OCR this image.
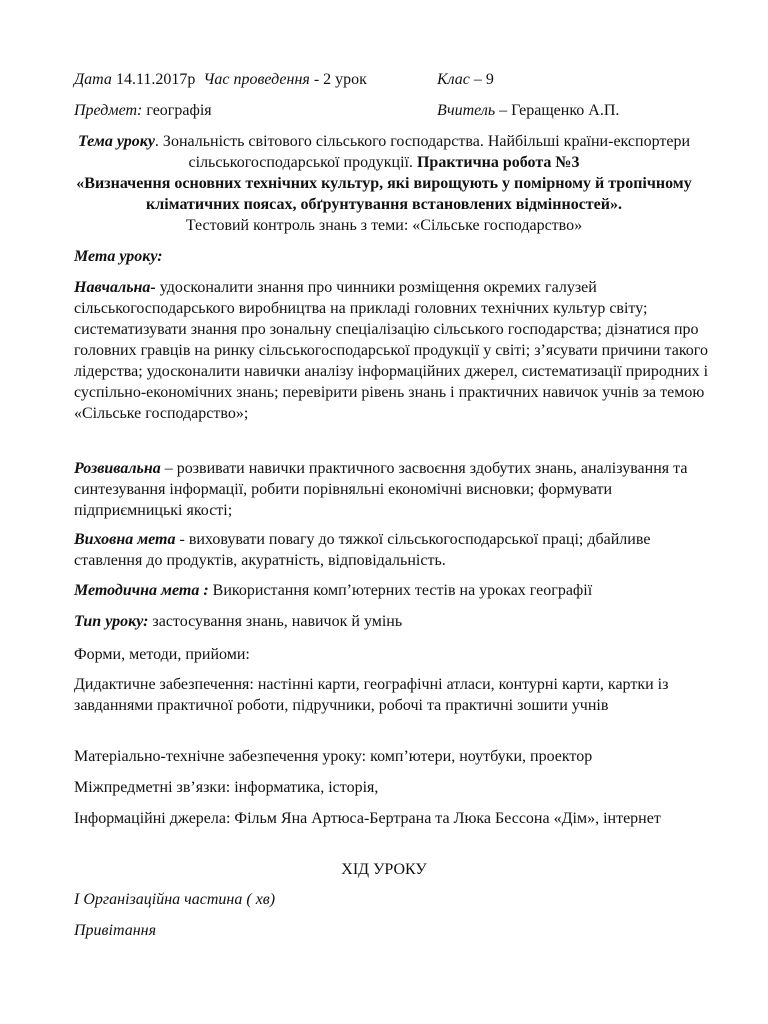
Дата 14.11.2017р Час проведення - 2 урок	Клас – 9
Предмет: географія	Вчитель – Геращенко А.П.
Тема уроку. Зональність світового сільського господарства. Найбільші країни-експортери сільськогосподарської продукції. Практична робота №3
«Визначення основних технічних культур, які вирощують у помірному й тропічному кліматичних поясах, обґрунтування встановлених відмінностей».
Тестовий контроль знань з теми: «Сільське господарство»
Мета уроку:
Навчальна- удосконалити знання про чинники розміщення окремих галузей сільськогосподарського виробництва на прикладі головних технічних культур світу; систематизувати знання про зональну спеціалізацію сільського господарства; дізнатися про головних гравців на ринку сільськогосподарської продукції у світі; з’ясувати причини такого лідерства; удосконалити навички аналізу інформаційних джерел, систематизації природних і суспільно-економічних знань; перевірити рівень знань і практичних навичок учнів за темою «Сільське господарство»;
Розвивальна – розвивати навички практичного засвоєння здобутих знань, аналізування та синтезування інформації, робити порівняльні економічні висновки; формувати підприємницькі якості;
Виховна мета - виховувати повагу до тяжкої сільськогосподарської праці; дбайливе ставлення до продуктів, акуратність, відповідальність.
Методична мета : Використання комп’ютерних тестів на уроках географії
Тип уроку: застосування знань, навичок й умінь
Форми, методи, прийоми:
Дидактичне забезпечення: настінні карти, географічні атласи, контурні карти, картки із завданнями практичної роботи, підручники, робочі та практичні зошити учнів
Матеріально-технічне забезпечення уроку: комп’ютери, ноутбуки, проектор
Міжпредметні зв’язки: інформатика, історія,
Інформаційні джерела: Фільм Яна Артюса-Бертрана та Люка Бессона «Дім», інтернет
ХІД УРОКУ
І Організаційна частина ( хв)
Привітання
